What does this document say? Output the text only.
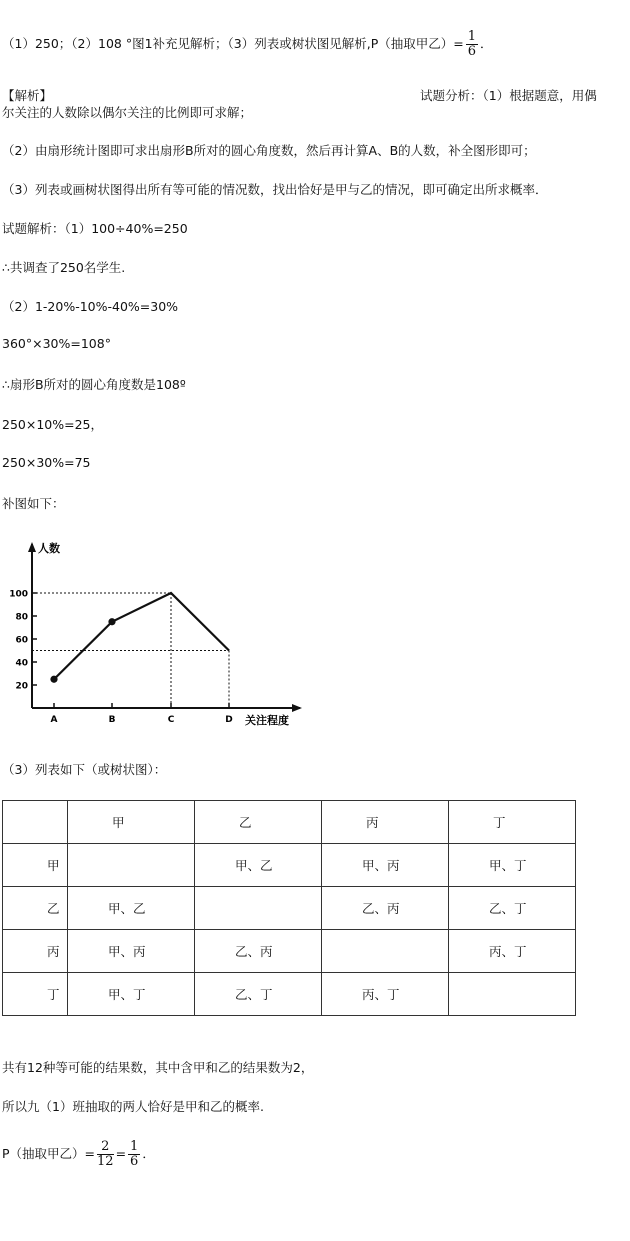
（1）250；（2）108 °图1补充见解析；（3）列表或树状图见解析,P（抽取甲乙）= $\frac{1}{6}$ ．
【解析】	试题分析：（1）根据题意，用偶
尔关注的人数除以偶尔关注的比例即可求解；
（2）由扇形统计图即可求出扇形B所对的圆心角度数，然后再计算A、B的人数，补全图形即可；
（3）列表或画树状图得出所有等可能的情况数，找出恰好是甲与乙的情况，即可确定出所求概率．
试题解析：（1）100÷40%=250
∴共调查了250名学生.
（2）1-20%-10%-40%=30%
360°×30%=108°
∴扇形B所对的圆心角度数是108º
250×10%=25，
250×30%=75
补图如下：
20
40
60
80
100
A	B	C	D
人数
关注程度
（3）列表如下（或树状图）：
	甲	乙	丙	丁
甲		甲、乙	甲、丙	甲、丁
乙	甲、乙		乙、丙	乙、丁
丙	甲、丙	乙、丙		丙、丁
丁	甲、丁	乙、丁	丙、丁	
共有12种等可能的结果数，其中含甲和乙的结果数为2，
所以九（1）班抽取的两人恰好是甲和乙的概率.
P（抽取甲乙）= $\frac{2}{12} = \frac{1}{6}$ ．
